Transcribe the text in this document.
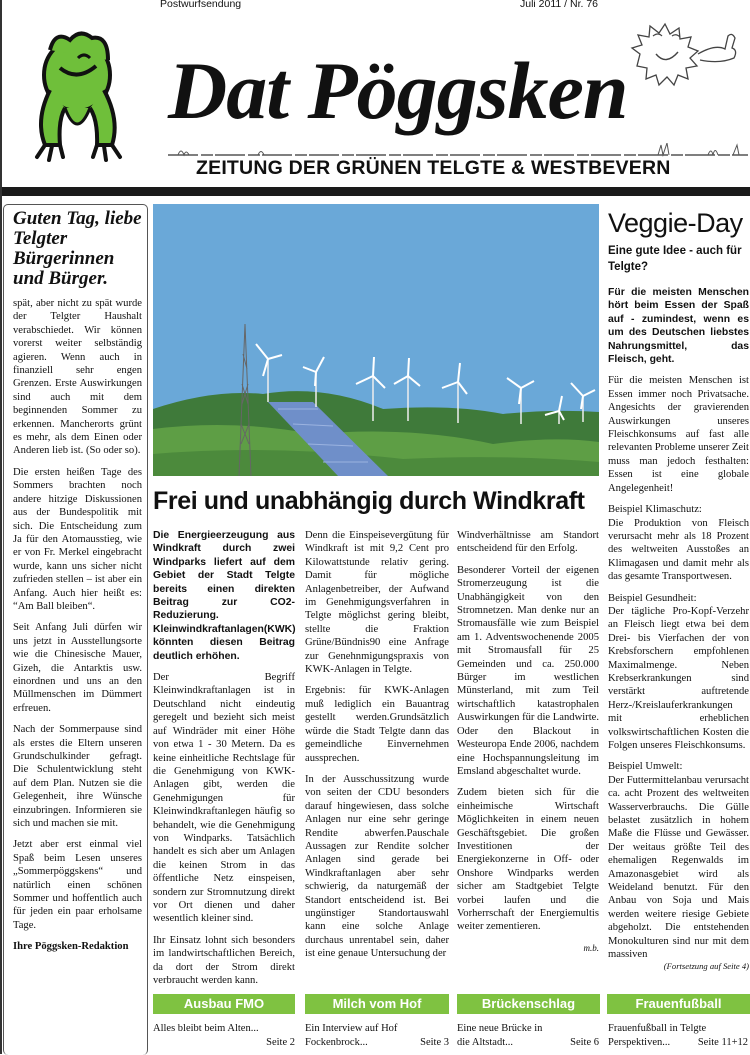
Postwurfsendung	Juli 2011 / Nr. 76
Dat Pöggsken
ZEITUNG DER GRÜNEN TELGTE & WESTBEVERN
Guten Tag, liebe Telgter Bürgerinnen und Bürger.

spät, aber nicht zu spät wurde der Telgter Haushalt verabschiedet. Wir können vorerst weiter selbständig agieren. Wenn auch in finanziell sehr engen Grenzen. Erste Auswirkungen sind auch mit dem beginnenden Sommer zu erkennen. Mancherorts grünt es mehr, als dem Einen oder Anderen lieb ist. (So oder so).

Die ersten heißen Tage des Sommers brachten noch andere hitzige Diskussionen aus der Bundespolitik mit sich. Die Entscheidung zum Ja für den Atomausstieg, wie er von Fr. Merkel eingebracht wurde, kann uns sicher nicht zufrieden stellen – ist aber ein Anfang. Auch hier heißt es: “Am Ball bleiben“.

Seit Anfang Juli dürfen wir uns jetzt in Ausstellungsorte wie die Chinesische Mauer, Gizeh, die Antarktis usw. einordnen und uns an den Müllmenschen im Dümmert erfreuen.

Nach der Sommerpause sind als erstes die Eltern unseren Grundschulkinder gefragt. Die Schulentwicklung steht auf dem Plan. Nutzen sie die Gelegenheit, ihre Wünsche einzubringen. Informieren sie sich und machen sie mit.

Jetzt aber erst einmal viel Spaß beim Lesen unseres „Sommerpöggskens“ und natürlich einen schönen Sommer und hoffentlich auch für jeden ein paar erholsame Tage.

Ihre Pöggsken-Redaktion

Frei und unabhängig durch Windkraft

Die Energieerzeugung aus Windkraft durch zwei Windparks liefert auf dem Gebiet der Stadt Telgte bereits einen direkten Beitrag zur CO2-Reduzierung. Kleinwindkraftanlagen(KWK) könnten diesen Beitrag deutlich erhöhen.

Der Begriff Kleinwindkraftanlagen ist in Deutschland nicht eindeutig geregelt und bezieht sich meist auf Windräder mit einer Höhe von etwa 1 - 30 Metern. Da es keine einheitliche Rechtslage für die Genehmigung von KWK-Anlagen gibt, werden die Genehmigungen für Kleinwindkraftanlegen häufig so behandelt, wie die Genehmigung von Windparks. Tatsächlich handelt es sich aber um Anlagen die keinen Strom in das öffentliche Netz einspeisen, sondern zur Stromnutzung direkt vor Ort dienen und daher wesentlich kleiner sind.

Ihr Einsatz lohnt sich besonders im landwirtschaftlichen Bereich, da dort der Strom direkt verbraucht werden kann.

Denn die Einspeisevergütung für Windkraft ist mit 9,2 Cent pro Kilowattstunde relativ gering. Damit für mögliche Anlagenbetreiber, der Aufwand im Genehmigungsverfahren in Telgte möglichst gering bleibt, stellte die Fraktion Grüne/Bündnis90 eine Anfrage zur Genehnmigungspraxis von KWK-Anlagen in Telgte.

Ergebnis: für KWK-Anlagen muß lediglich ein Bauantrag gestellt werden.Grundsätzlich würde die Stadt Telgte dann das gemeindliche Einvernehmen aussprechen.

In der Ausschussitzung wurde von seiten der CDU besonders darauf hingewiesen, dass solche Anlagen nur eine sehr geringe Rendite abwerfen.Pauschale Aussagen zur Rendite solcher Anlagen sind gerade bei Windkraftanlagen aber sehr schwierig, da naturgemäß der Standort entscheidend ist. Bei ungünstiger Standortauswahl kann eine solche Anlage durchaus unrentabel sein, daher ist eine genaue Untersuchung der

Windverhältnisse am Standort entscheidend für den Erfolg.

Besonderer Vorteil der eigenen Stromerzeugung ist die Unabhängigkeit von den Stromnetzen. Man denke nur an Stromausfälle wie zum Beispiel am 1. Adventswochenende 2005 mit Stromausfall für 25 Gemeinden und ca. 250.000 Bürger im westlichen Münsterland, mit zum Teil wirtschaftlich katastrophalen Auswirkungen für die Landwirte. Oder den Blackout in Westeuropa Ende 2006, nachdem eine Hochspannungsleitung im Emsland abgeschaltet wurde.

Zudem bieten sich für die einheimische Wirtschaft Möglichkeiten in einem neuen Geschäftsgebiet. Die großen Investitionen der Energiekonzerne in Off- oder Onshore Windparks werden sicher am Stadtgebiet Telgte vorbei laufen und die Vorherrschaft der Energiemultis weiter zementieren.

m.b.

Veggie-Day
Eine gute Idee - auch für Telgte?

Für die meisten Menschen hört beim Essen der Spaß auf - zumindest, wenn es um des Deutschen liebstes Nahrungsmittel, das Fleisch, geht.

Für die meisten Menschen ist Essen immer noch Privatsache. Angesichts der gravierenden Auswirkungen unseres Fleischkonsums auf fast alle relevanten Probleme unserer Zeit muss man jedoch festhalten: Essen ist eine globale Angelegenheit!

Beispiel Klimaschutz:
Die Produktion von Fleisch verursacht mehr als 18 Prozent des weltweiten Ausstoßes an Klimagasen und damit mehr als das gesamte Transportwesen.

Beispiel Gesundheit:
Der tägliche Pro-Kopf-Verzehr an Fleisch liegt etwa bei dem Drei- bis Vierfachen der von Krebsforschern empfohlenen Maximalmenge. Neben Krebserkrankungen sind verstärkt auftretende Herz-/Kreislauferkrankungen mit erheblichen volkswirtschaftlichen Kosten die Folgen unseres Fleischkonsums.

Beispiel Umwelt:
Der Futtermittelanbau verursacht ca. acht Prozent des weltweiten Wasserverbrauchs. Die Gülle belastet zusätzlich in hohem Maße die Flüsse und Gewässer. Der weitaus größte Teil des ehemaligen Regenwalds im Amazonasgebiet wird als Weideland benutzt. Für den Anbau von Soja und Mais werden weitere riesige Gebiete abgeholzt. Die entstehenden Monokulturen sind nur mit dem massiven

(Fortsetzung auf Seite 4)
Ausbau FMO	Milch vom Hof	Brückenschlag	Frauenfußball
Alles bleibt beim Alten...

Seite 2
Ein Interview auf Hof Fockenbrock...	Seite 3
Eine neue Brücke in die Altstadt...	Seite 6
Frauenfußball in Telgte Perspektiven...	Seite 11+12
